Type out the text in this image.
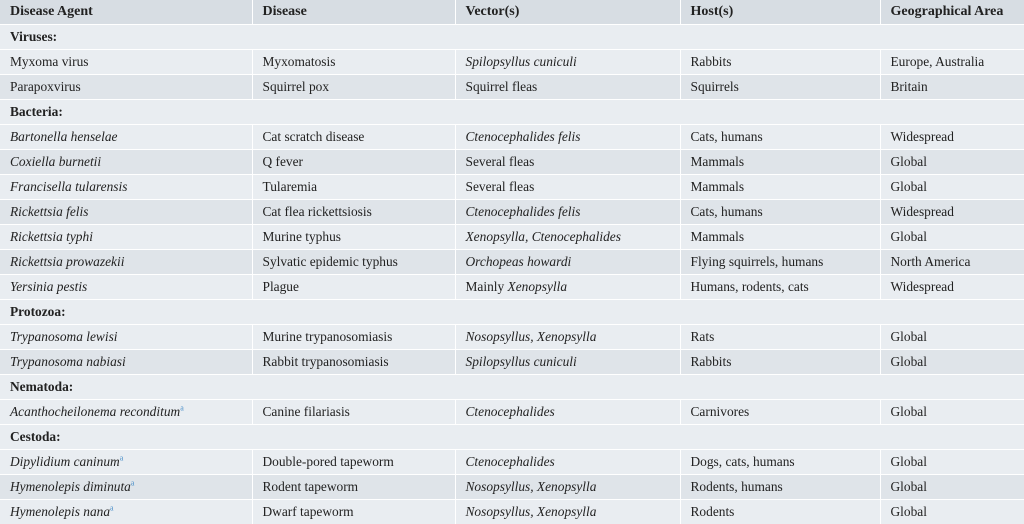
Disease Agent	Disease	Vector(s)	Host(s)	Geographical Area
Viruses:				
Myxoma virus	Myxomatosis	Spilopsyllus cuniculi	Rabbits	Europe, Australia
Parapoxvirus	Squirrel pox	Squirrel fleas	Squirrels	Britain
Bacteria:				
Bartonella henselae	Cat scratch disease	Ctenocephalides felis	Cats, humans	Widespread
Coxiella burnetii	Q fever	Several fleas	Mammals	Global
Francisella tularensis	Tularemia	Several fleas	Mammals	Global
Rickettsia felis	Cat flea rickettsiosis	Ctenocephalides felis	Cats, humans	Widespread
Rickettsia typhi	Murine typhus	Xenopsylla, Ctenocephalides	Mammals	Global
Rickettsia prowazekii	Sylvatic epidemic typhus	Orchopeas howardi	Flying squirrels, humans	North America
Yersinia pestis	Plague	Mainly Xenopsylla	Humans, rodents, cats	Widespread
Protozoa:				
Trypanosoma lewisi	Murine trypanosomiasis	Nosopsyllus, Xenopsylla	Rats	Global
Trypanosoma nabiasi	Rabbit trypanosomiasis	Spilopsyllus cuniculi	Rabbits	Global
Nematoda:				
Acanthocheilonema reconditum$^a$	Canine filariasis	Ctenocephalides	Carnivores	Global
Cestoda:				
Dipylidium caninum$^a$	Double-pored tapeworm	Ctenocephalides	Dogs, cats, humans	Global
Hymenolepis diminuta$^a$	Rodent tapeworm	Nosopsyllus, Xenopsylla	Rodents, humans	Global
Hymenolepis nana$^a$	Dwarf tapeworm	Nosopsyllus, Xenopsylla	Rodents	Global
